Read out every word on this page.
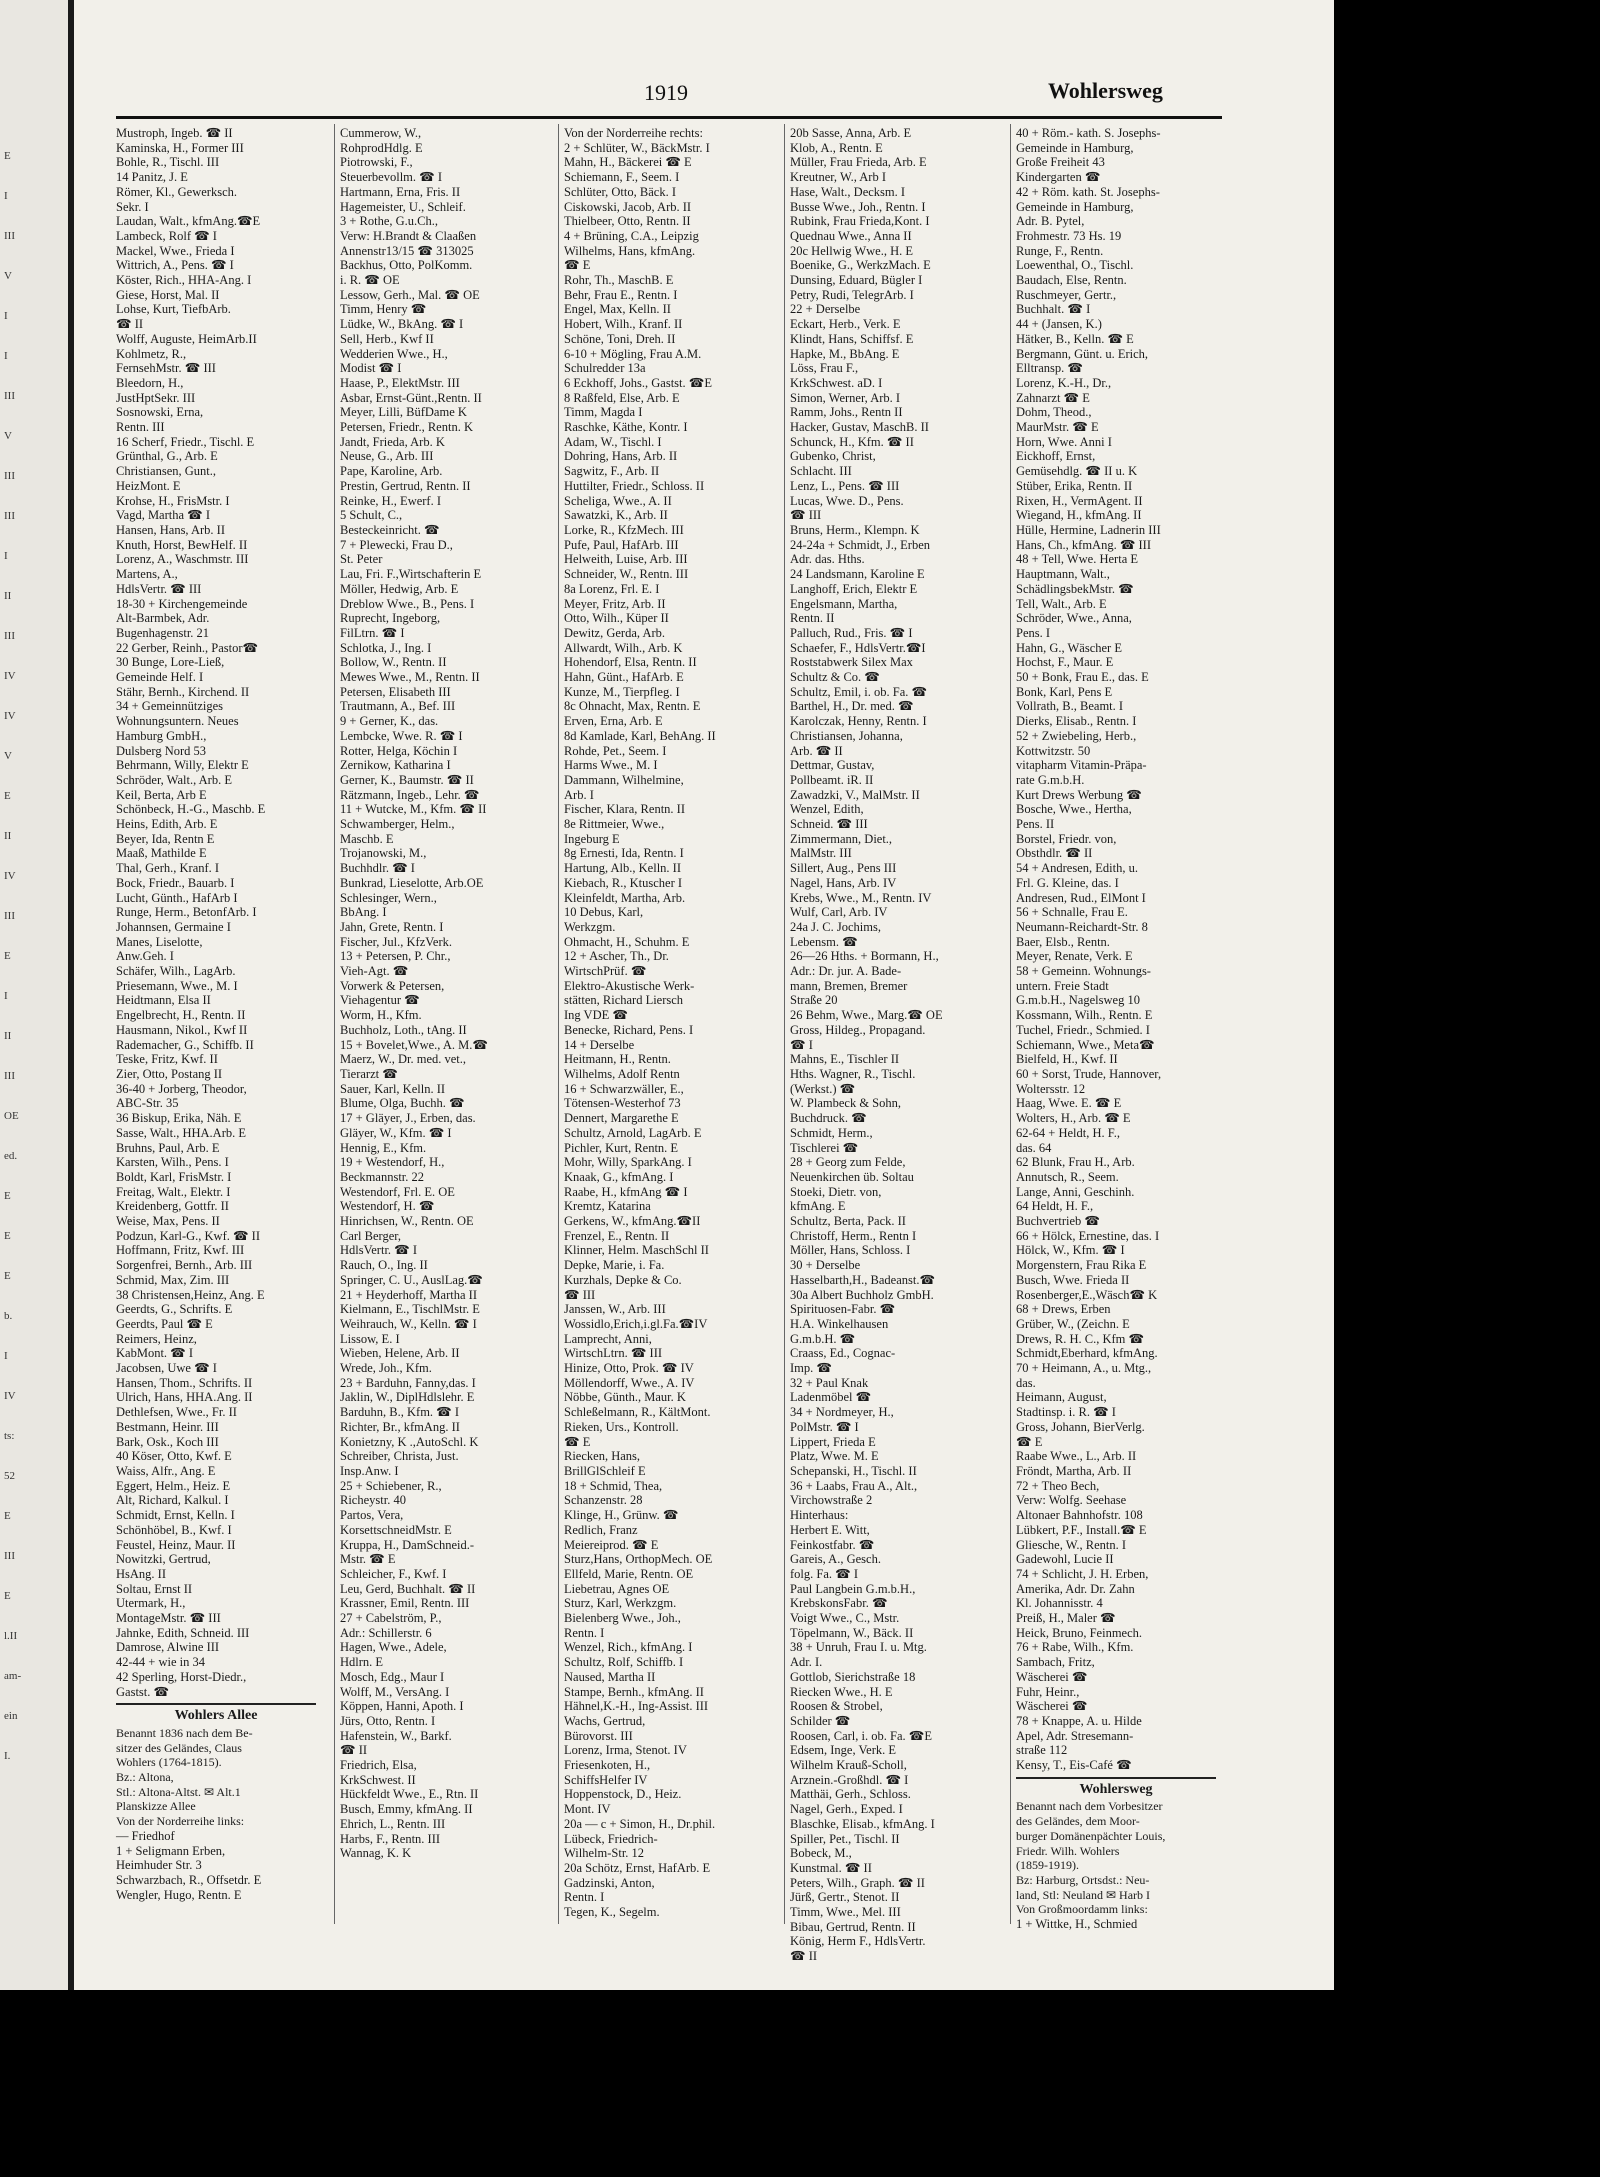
E
I
III
V
I
I
III
V
III
III
I
II
III
IV
IV
V
E
II
IV
III
E
I
II
III
OE
ed.
E
E
E
b.
I
IV
ts:
52
E
III
E
l.II
am-
ein
I.
1919	Wohlersweg
Mustroph, Ingeb. ☎ II
Kaminska, H., Former III
Bohle, R., Tischl. III
14 Panitz, J. E
Römer, Kl., Gewerksch.
Sekr. I
Laudan, Walt., kfmAng.☎E
Lambeck, Rolf ☎ I
Mackel, Wwe., Frieda I
Wittrich, A., Pens. ☎ I
Köster, Rich., HHA-Ang. I
Giese, Horst, Mal. II
Lohse, Kurt, TiefbArb.
☎ II
Wolff, Auguste, HeimArb.II
Kohlmetz, R.,
FernsehMstr. ☎ III
Bleedorn, H.,
JustHptSekr. III
Sosnowski, Erna,
Rentn. III
16 Scherf, Friedr., Tischl. E
Grünthal, G., Arb. E
Christiansen, Gunt.,
HeizMont. E
Krohse, H., FrisMstr. I
Vagd, Martha ☎ I
Hansen, Hans, Arb. II
Knuth, Horst, BewHelf. II
Lorenz, A., Waschmstr. III
Martens, A.,
HdlsVertr. ☎ III
18-30 + Kirchengemeinde
Alt-Barmbek, Adr.
Bugenhagenstr. 21
22 Gerber, Reinh., Pastor☎
30 Bunge, Lore-Ließ,
Gemeinde Helf. I
Stähr, Bernh., Kirchend. II
34 + Gemeinnütziges
Wohnungsuntern. Neues
Hamburg GmbH.,
Dulsberg Nord 53
Behrmann, Willy, Elektr E
Schröder, Walt., Arb. E
Keil, Berta, Arb E
Schönbeck, H.-G., Maschb. E
Heins, Edith, Arb. E
Beyer, Ida, Rentn E
Maaß, Mathilde E
Thal, Gerh., Kranf. I
Bock, Friedr., Bauarb. I
Lucht, Günth., HafArb I
Runge, Herm., BetonfArb. I
Johannsen, Germaine I
Manes, Liselotte,
Anw.Geh. I
Schäfer, Wilh., LagArb.
Priesemann, Wwe., M. I
Heidtmann, Elsa II
Engelbrecht, H., Rentn. II
Hausmann, Nikol., Kwf II
Rademacher, G., Schiffb. II
Teske, Fritz, Kwf. II
Zier, Otto, Postang II
36-40 + Jorberg, Theodor,
ABC-Str. 35
36 Biskup, Erika, Näh. E
Sasse, Walt., HHA.Arb. E
Bruhns, Paul, Arb. E
Karsten, Wilh., Pens. I
Boldt, Karl, FrisMstr. I
Freitag, Walt., Elektr. I
Kreidenberg, Gottfr. II
Weise, Max, Pens. II
Podzun, Karl-G., Kwf. ☎ II
Hoffmann, Fritz, Kwf. III
Sorgenfrei, Bernh., Arb. III
Schmid, Max, Zim. III
38 Christensen,Heinz, Ang. E
Geerdts, G., Schrifts. E
Geerdts, Paul ☎ E
Reimers, Heinz,
KabMont. ☎ I
Jacobsen, Uwe ☎ I
Hansen, Thom., Schrifts. II
Ulrich, Hans, HHA.Ang. II
Dethlefsen, Wwe., Fr. II
Bestmann, Heinr. III
Bark, Osk., Koch III
40 Köser, Otto, Kwf. E
Waiss, Alfr., Ang. E
Eggert, Helm., Heiz. E
Alt, Richard, Kalkul. I
Schmidt, Ernst, Kelln. I
Schönhöbel, B., Kwf. I
Feustel, Heinz, Maur. II
Nowitzki, Gertrud,
HsAng. II
Soltau, Ernst II
Utermark, H.,
MontageMstr. ☎ III
Jahnke, Edith, Schneid. III
Damrose, Alwine III
42-44 + wie in 34
42 Sperling, Horst-Diedr.,
Gastst. ☎
Wohlers Allee
Benannt 1836 nach dem Be-
sitzer des Geländes, Claus
Wohlers (1764-1815).
Bz.: Altona,
Stl.: Altona-Altst. ✉ Alt.1
Planskizze Allee
Von der Norderreihe links:
— Friedhof
1 + Seligmann Erben,
Heimhuder Str. 3
Schwarzbach, R., Offsetdr. E
Wengler, Hugo, Rentn. E
Cummerow, W.,
RohprodHdlg. E
Piotrowski, F.,
Steuerbevollm. ☎ I
Hartmann, Erna, Fris. II
Hagemeister, U., Schleif.
3 + Rothe, G.u.Ch.,
Verw: H.Brandt & Claaßen
Annenstr13/15 ☎ 313025
Backhus, Otto, PolKomm.
i. R. ☎ OE
Lessow, Gerh., Mal. ☎ OE
Timm, Henry ☎
Lüdke, W., BkAng. ☎ I
Sell, Herb., Kwf II
Wedderien Wwe., H.,
Modist ☎ I
Haase, P., ElektMstr. III
Asbar, Ernst-Günt.,Rentn. II
Meyer, Lilli, BüfDame K
Petersen, Friedr., Rentn. K
Jandt, Frieda, Arb. K
Neuse, G., Arb. III
Pape, Karoline, Arb.
Prestin, Gertrud, Rentn. II
Reinke, H., Ewerf. I
5 Schult, C.,
Besteckeinricht. ☎
7 + Plewecki, Frau D.,
St. Peter
Lau, Fri. F.,Wirtschafterin E
Möller, Hedwig, Arb. E
Dreblow Wwe., B., Pens. I
Ruprecht, Ingeborg,
FilLtrn. ☎ I
Schlotka, J., Ing. I
Bollow, W., Rentn. II
Mewes Wwe., M., Rentn. II
Petersen, Elisabeth III
Trautmann, A., Bef. III
9 + Gerner, K., das.
Lembcke, Wwe. R. ☎ I
Rotter, Helga, Köchin I
Zernikow, Katharina I
Gerner, K., Baumstr. ☎ II
Rätzmann, Ingeb., Lehr. ☎
11 + Wutcke, M., Kfm. ☎ II
Schwamberger, Helm.,
Maschb. E
Trojanowski, M.,
Buchhdlr. ☎ I
Bunkrad, Lieselotte, Arb.OE
Schlesinger, Wern.,
BbAng. I
Jahn, Grete, Rentn. I
Fischer, Jul., KfzVerk.
13 + Petersen, P. Chr.,
Vieh-Agt. ☎
Vorwerk & Petersen,
Viehagentur ☎
Worm, H., Kfm.
Buchholz, Loth., tAng. II
15 + Bovelet,Wwe., A. M.☎
Maerz, W., Dr. med. vet.,
Tierarzt ☎
Sauer, Karl, Kelln. II
Blume, Olga, Buchh. ☎
17 + Gläyer, J., Erben, das.
Gläyer, W., Kfm. ☎ I
Hennig, E., Kfm.
19 + Westendorf, H.,
Beckmannstr. 22
Westendorf, Frl. E. OE
Westendorf, H. ☎
Hinrichsen, W., Rentn. OE
Carl Berger,
HdlsVertr. ☎ I
Rauch, O., Ing. II
Springer, C. U., AuslLag.☎
21 + Heyderhoff, Martha II
Kielmann, E., TischlMstr. E
Weihrauch, W., Kelln. ☎ I
Lissow, E. I
Wieben, Helene, Arb. II
Wrede, Joh., Kfm.
23 + Barduhn, Fanny,das. I
Jaklin, W., DiplHdlslehr. E
Barduhn, B., Kfm. ☎ I
Richter, Br., kfmAng. II
Konietzny, K .,AutoSchl. K
Schreiber, Christa, Just.
Insp.Anw. I
25 + Schiebener, R.,
Richeystr. 40
Partos, Vera,
KorsettschneidMstr. E
Kruppa, H., DamSchneid.-
Mstr. ☎ E
Schleicher, F., Kwf. I
Leu, Gerd, Buchhalt. ☎ II
Krassner, Emil, Rentn. III
27 + Cabelström, P.,
Adr.: Schillerstr. 6
Hagen, Wwe., Adele,
Hdlrn. E
Mosch, Edg., Maur I
Wolff, M., VersAng. I
Köppen, Hanni, Apoth. I
Jürs, Otto, Rentn. I
Hafenstein, W., Barkf.
☎ II
Friedrich, Elsa,
KrkSchwest. II
Hückfeldt Wwe., E., Rtn. II
Busch, Emmy, kfmAng. II
Ehrich, L., Rentn. III
Harbs, F., Rentn. III
Wannag, K. K
Von der Norderreihe rechts:
2 + Schlüter, W., BäckMstr. I
Mahn, H., Bäckerei ☎ E
Schiemann, F., Seem. I
Schlüter, Otto, Bäck. I
Ciskowski, Jacob, Arb. II
Thielbeer, Otto, Rentn. II
4 + Brüning, C.A., Leipzig
Wilhelms, Hans, kfmAng.
☎ E
Rohr, Th., MaschB. E
Behr, Frau E., Rentn. I
Engel, Max, Kelln. II
Hobert, Wilh., Kranf. II
Schöne, Toni, Dreh. II
6-10 + Mögling, Frau A.M.
Schulredder 13a
6 Eckhoff, Johs., Gastst. ☎E
8 Raßfeld, Else, Arb. E
Timm, Magda I
Raschke, Käthe, Kontr. I
Adam, W., Tischl. I
Dohring, Hans, Arb. II
Sagwitz, F., Arb. II
Huttilter, Friedr., Schloss. II
Scheliga, Wwe., A. II
Sawatzki, K., Arb. II
Lorke, R., KfzMech. III
Pufe, Paul, HafArb. III
Helweith, Luise, Arb. III
Schneider, W., Rentn. III
8a Lorenz, Frl. E. I
Meyer, Fritz, Arb. II
Otto, Wilh., Küper II
Dewitz, Gerda, Arb.
Allwardt, Wilh., Arb. K
Hohendorf, Elsa, Rentn. II
Hahn, Günt., HafArb. E
Kunze, M., Tierpfleg. I
8c Ohnacht, Max, Rentn. E
Erven, Erna, Arb. E
8d Kamlade, Karl, BehAng. II
Rohde, Pet., Seem. I
Harms Wwe., M. I
Dammann, Wilhelmine,
Arb. I
Fischer, Klara, Rentn. II
8e Rittmeier, Wwe.,
Ingeburg E
8g Ernesti, Ida, Rentn. I
Hartung, Alb., Kelln. II
Kiebach, R., Ktuscher I
Kleinfeldt, Martha, Arb.
10 Debus, Karl,
Werkzgm.
Ohmacht, H., Schuhm. E
12 + Ascher, Th., Dr.
WirtschPrüf. ☎
Elektro-Akustische Werk-
stätten, Richard Liersch
Ing VDE ☎
Benecke, Richard, Pens. I
14 + Derselbe
Heitmann, H., Rentn.
Wilhelms, Adolf Rentn
16 + Schwarzwäller, E.,
Tötensen-Westerhof 73
Dennert, Margarethe E
Schultz, Arnold, LagArb. E
Pichler, Kurt, Rentn. E
Mohr, Willy, SparkAng. I
Knaak, G., kfmAng. I
Raabe, H., kfmAng ☎ I
Kremtz, Katarina
Gerkens, W., kfmAng.☎II
Frenzel, E., Rentn. II
Klinner, Helm. MaschSchl II
Depke, Marie, i. Fa.
Kurzhals, Depke & Co.
☎ III
Janssen, W., Arb. III
Wossidlo,Erich,i.gl.Fa.☎IV
Lamprecht, Anni,
WirtschLtrn. ☎ III
Hinize, Otto, Prok. ☎ IV
Möllendorff, Wwe., A. IV
Nöbbe, Günth., Maur. K
Schleßelmann, R., KältMont.
Rieken, Urs., Kontroll.
☎ E
Riecken, Hans,
BrillGlSchleif E
18 + Schmid, Thea,
Schanzenstr. 28
Klinge, H., Grünw. ☎
Redlich, Franz
Meiereiprod. ☎ E
Sturz,Hans, OrthopMech. OE
Ellfeld, Marie, Rentn. OE
Liebetrau, Agnes OE
Sturz, Karl, Werkzgm.
Bielenberg Wwe., Joh.,
Rentn. I
Wenzel, Rich., kfmAng. I
Schultz, Rolf, Schiffb. I
Naused, Martha II
Stampe, Bernh., kfmAng. II
Hähnel,K.-H., Ing-Assist. III
Wachs, Gertrud,
Bürovorst. III
Lorenz, Irma, Stenot. IV
Friesenkoten, H.,
SchiffsHelfer IV
Hoppenstock, D., Heiz.
Mont. IV
20a — c + Simon, H., Dr.phil.
Lübeck, Friedrich-
Wilhelm-Str. 12
20a Schötz, Ernst, HafArb. E
Gadzinski, Anton,
Rentn. I
Tegen, K., Segelm.
20b Sasse, Anna, Arb. E
Klob, A., Rentn. E
Müller, Frau Frieda, Arb. E
Kreutner, W., Arb I
Hase, Walt., Decksm. I
Busse Wwe., Joh., Rentn. I
Rubink, Frau Frieda,Kont. I
Quednau Wwe., Anna II
20c Hellwig Wwe., H. E
Boenike, G., WerkzMach. E
Dunsing, Eduard, Bügler I
Petry, Rudi, TelegrArb. I
22 + Derselbe
Eckart, Herb., Verk. E
Klindt, Hans, Schiffsf. E
Hapke, M., BbAng. E
Löss, Frau F.,
KrkSchwest. aD. I
Simon, Werner, Arb. I
Ramm, Johs., Rentn II
Hacker, Gustav, MaschB. II
Schunck, H., Kfm. ☎ II
Gubenko, Christ,
Schlacht. III
Lenz, L., Pens. ☎ III
Lucas, Wwe. D., Pens.
☎ III
Bruns, Herm., Klempn. K
24-24a + Schmidt, J., Erben
Adr. das. Hths.
24 Landsmann, Karoline E
Langhoff, Erich, Elektr E
Engelsmann, Martha,
Rentn. II
Palluch, Rud., Fris. ☎ I
Schaefer, F., HdlsVertr.☎I
Roststabwerk Silex Max
Schultz & Co. ☎
Schultz, Emil, i. ob. Fa. ☎
Barthel, H., Dr. med. ☎
Karolczak, Henny, Rentn. I
Christiansen, Johanna,
Arb. ☎ II
Dettmar, Gustav,
Pollbeamt. iR. II
Zawadzki, V., MalMstr. II
Wenzel, Edith,
Schneid. ☎ III
Zimmermann, Diet.,
MalMstr. III
Sillert, Aug., Pens III
Nagel, Hans, Arb. IV
Krebs, Wwe., M., Rentn. IV
Wulf, Carl, Arb. IV
24a J. C. Jochims,
Lebensm. ☎
26—26 Hths. + Bormann, H.,
Adr.: Dr. jur. A. Bade-
mann, Bremen, Bremer
Straße 20
26 Behm, Wwe., Marg.☎ OE
Gross, Hildeg., Propagand.
☎ I
Mahns, E., Tischler II
Hths. Wagner, R., Tischl.
(Werkst.) ☎
W. Plambeck & Sohn,
Buchdruck. ☎
Schmidt, Herm.,
Tischlerei ☎
28 + Georg zum Felde,
Neuenkirchen üb. Soltau
Stoeki, Dietr. von,
kfmAng. E
Schultz, Berta, Pack. II
Christoff, Herm., Rentn I
Möller, Hans, Schloss. I
30 + Derselbe
Hasselbarth,H., Badeanst.☎
30a Albert Buchholz GmbH.
Spirituosen-Fabr. ☎
H.A. Winkelhausen
G.m.b.H. ☎
Craass, Ed., Cognac-
Imp. ☎
32 + Paul Knak
Ladenmöbel ☎
34 + Nordmeyer, H.,
PolMstr. ☎ I
Lippert, Frieda E
Platz, Wwe. M. E
Schepanski, H., Tischl. II
36 + Laabs, Frau A., Alt.,
Virchowstraße 2
Hinterhaus:
Herbert E. Witt,
Feinkostfabr. ☎
Gareis, A., Gesch.
folg. Fa. ☎ I
Paul Langbein G.m.b.H.,
KrebskonsFabr. ☎
Voigt Wwe., C., Mstr.
Töpelmann, W., Bäck. II
38 + Unruh, Frau I. u. Mtg.
Adr. I.
Gottlob, Sierichstraße 18
Riecken Wwe., H. E
Roosen & Strobel,
Schilder ☎
Roosen, Carl, i. ob. Fa. ☎E
Edsem, Inge, Verk. E
Wilhelm Krauß-Scholl,
Arznein.-Großhdl. ☎ I
Matthäi, Gerh., Schloss.
Nagel, Gerh., Exped. I
Blaschke, Elisab., kfmAng. I
Spiller, Pet., Tischl. II
Bobeck, M.,
Kunstmal. ☎ II
Peters, Wilh., Graph. ☎ II
Jürß, Gertr., Stenot. II
Timm, Wwe., Mel. III
Bibau, Gertrud, Rentn. II
König, Herm F., HdlsVertr.
☎ II
40 + Röm.- kath. S. Josephs-
Gemeinde in Hamburg,
Große Freiheit 43
Kindergarten ☎
42 + Röm. kath. St. Josephs-
Gemeinde in Hamburg,
Adr. B. Pytel,
Frohmestr. 73 Hs. 19
Runge, F., Rentn.
Loewenthal, O., Tischl.
Baudach, Else, Rentn.
Ruschmeyer, Gertr.,
Buchhalt. ☎ I
44 + (Jansen, K.)
Hätker, B., Kelln. ☎ E
Bergmann, Günt. u. Erich,
Elltransp. ☎
Lorenz, K.-H., Dr.,
Zahnarzt ☎ E
Dohm, Theod.,
MaurMstr. ☎ E
Horn, Wwe. Anni I
Eickhoff, Ernst,
Gemüsehdlg. ☎ II u. K
Stüber, Erika, Rentn. II
Rixen, H., VermAgent. II
Wiegand, H., kfmAng. II
Hülle, Hermine, Ladnerin III
Hans, Ch., kfmAng. ☎ III
48 + Tell, Wwe. Herta E
Hauptmann, Walt.,
SchädlingsbekMstr. ☎
Tell, Walt., Arb. E
Schröder, Wwe., Anna,
Pens. I
Hahn, G., Wäscher E
Hochst, F., Maur. E
50 + Bonk, Frau E., das. E
Bonk, Karl, Pens E
Vollrath, B., Beamt. I
Dierks, Elisab., Rentn. I
52 + Zwiebeling, Herb.,
Kottwitzstr. 50
vitapharm Vitamin-Präpa-
rate G.m.b.H.
Kurt Drews Werbung ☎
Bosche, Wwe., Hertha,
Pens. II
Borstel, Friedr. von,
Obsthdlr. ☎ II
54 + Andresen, Edith, u.
Frl. G. Kleine, das. I
Andresen, Rud., ElMont I
56 + Schnalle, Frau E.
Neumann-Reichardt-Str. 8
Baer, Elsb., Rentn.
Meyer, Renate, Verk. E
58 + Gemeinn. Wohnungs-
untern. Freie Stadt
G.m.b.H., Nagelsweg 10
Kossmann, Wilh., Rentn. E
Tuchel, Friedr., Schmied. I
Schiemann, Wwe., Meta☎
Bielfeld, H., Kwf. II
60 + Sorst, Trude, Hannover,
Woltersstr. 12
Haag, Wwe. E. ☎ E
Wolters, H., Arb. ☎ E
62-64 + Heldt, H. F.,
das. 64
62 Blunk, Frau H., Arb.
Annutsch, R., Seem.
Lange, Anni, Geschinh.
64 Heldt, H. F.,
Buchvertrieb ☎
66 + Hölck, Ernestine, das. I
Hölck, W., Kfm. ☎ I
Morgenstern, Frau Rika E
Busch, Wwe. Frieda II
Rosenberger,E.,Wäsch☎ K
68 + Drews, Erben
Grüber, W., (Zeichn. E
Drews, R. H. C., Kfm ☎
Schmidt,Eberhard, kfmAng.
70 + Heimann, A., u. Mtg.,
das.
Heimann, August,
Stadtinsp. i. R. ☎ I
Gross, Johann, BierVerlg.
☎ E
Raabe Wwe., L., Arb. II
Fröndt, Martha, Arb. II
72 + Theo Bech,
Verw: Wolfg. Seehase
Altonaer Bahnhofstr. 108
Lübkert, P.F., Install.☎ E
Gliesche, W., Rentn. I
Gadewohl, Lucie II
74 + Schlicht, J. H. Erben,
Amerika, Adr. Dr. Zahn
Kl. Johannisstr. 4
Preiß, H., Maler ☎
Heick, Bruno, Feinmech.
76 + Rabe, Wilh., Kfm.
Sambach, Fritz,
Wäscherei ☎
Fuhr, Heinr.,
Wäscherei ☎
78 + Knappe, A. u. Hilde
Apel, Adr. Stresemann-
straße 112
Kensy, T., Eis-Café ☎
Wohlersweg
Benannt nach dem Vorbesitzer
des Geländes, dem Moor-
burger Domänenpächter Louis,
Friedr. Wilh. Wohlers
(1859-1919).
Bz: Harburg, Ortsdst.: Neu-
land, Stl: Neuland ✉ Harb I
Von Großmoordamm links:
1 + Wittke, H., Schmied
